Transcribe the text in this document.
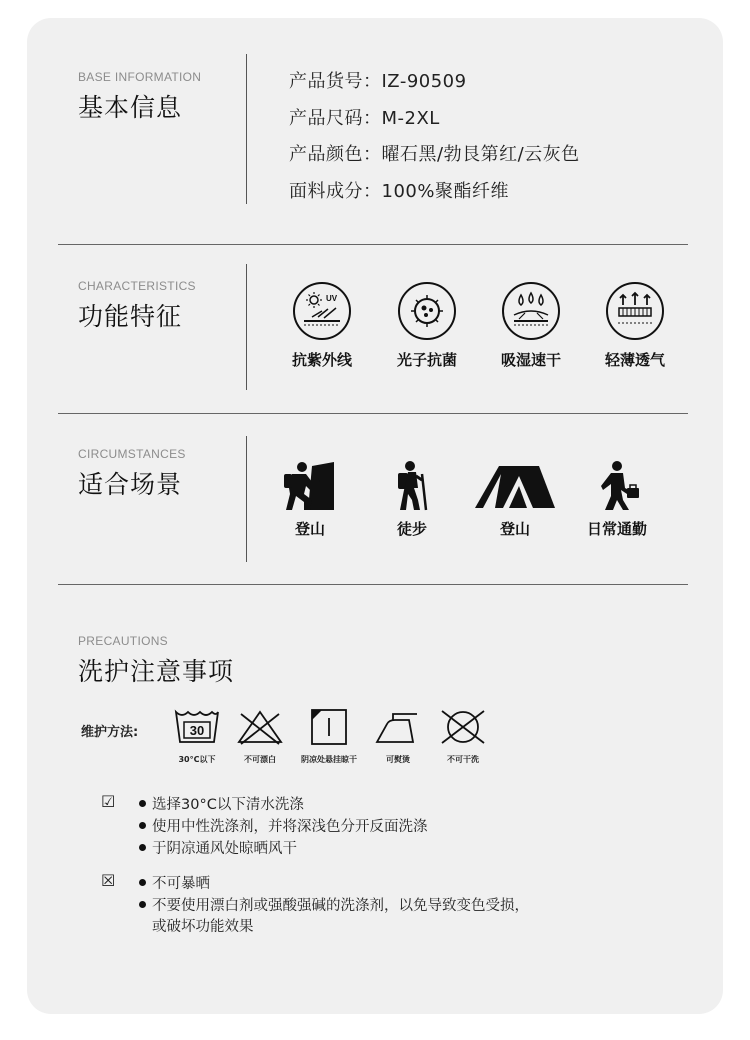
BASE INFORMATION
基本信息
产品货号：IZ-90509
产品尺码：M-2XL
产品颜色：曜石黑/勃艮第红/云灰色
面料成分：100%聚酯纤维
CHARACTERISTICS
功能特征
UV
抗紫外线	光子抗菌	吸湿速干	轻薄透气
CIRCUMSTANCES
适合场景
登山	徒步	登山	日常通勤
PRECAUTIONS
洗护注意事项
维护方法:	30
30°C以下	不可漂白	阴凉处悬挂晾干	可熨烫	不可干洗
☑	选择30°C以下清水洗涤
使用中性洗涤剂，并将深浅色分开反面洗涤
于阴凉通风处晾晒风干
☒	不可暴晒
不要使用漂白剂或强酸强碱的洗涤剂，以免导致变色受损，
或破坏功能效果
